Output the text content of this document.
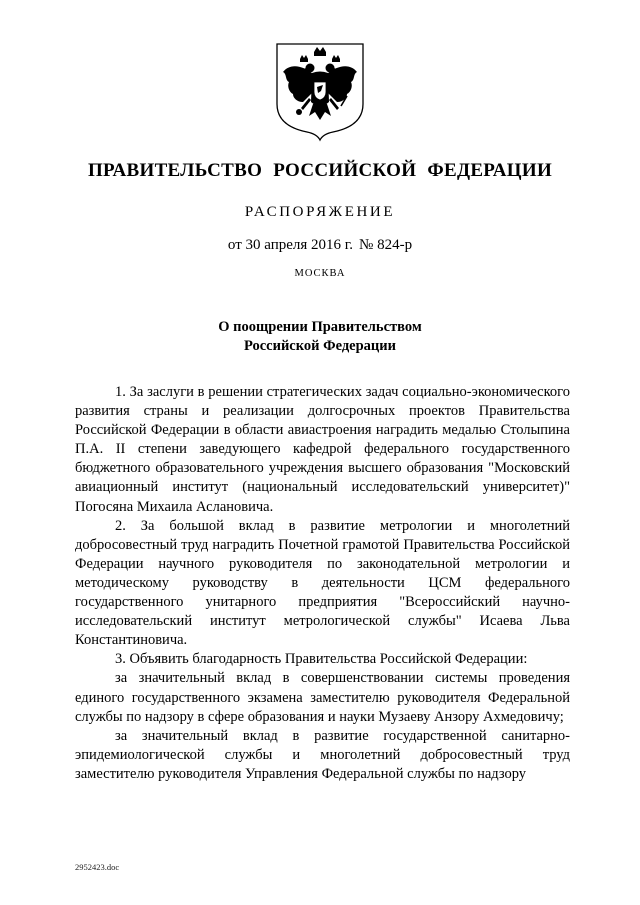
ПРАВИТЕЛЬСТВО РОССИЙСКОЙ ФЕДЕРАЦИИ
РАСПОРЯЖЕНИЕ
от 30 апреля 2016 г. № 824-р
МОСКВА
О поощрении Правительством
Российской Федерации

1. За заслуги в решении стратегических задач социально-экономического развития страны и реализации долгосрочных проектов Правительства Российской Федерации в области авиастроения наградить медалью Столыпина П.А. II степени заведующего кафедрой федерального государственного бюджетного образовательного учреждения высшего образования "Московский авиационный институт (национальный исследовательский университет)" Погосяна Михаила Аслановича.

2. За большой вклад в развитие метрологии и многолетний добросовестный труд наградить Почетной грамотой Правительства Российской Федерации научного руководителя по законодательной метрологии и методическому руководству в деятельности ЦСМ федерального государственного унитарного предприятия "Всероссийский научно-исследовательский институт метрологической службы" Исаева Льва Константиновича.

3. Объявить благодарность Правительства Российской Федерации:

за значительный вклад в совершенствовании системы проведения единого государственного экзамена заместителю руководителя Федеральной службы по надзору в сфере образования и науки Музаеву Анзору Ахмедовичу;

за значительный вклад в развитие государственной санитарно-эпидемиологической службы и многолетний добросовестный труд заместителю руководителя Управления Федеральной службы по надзору

2952423.doc
